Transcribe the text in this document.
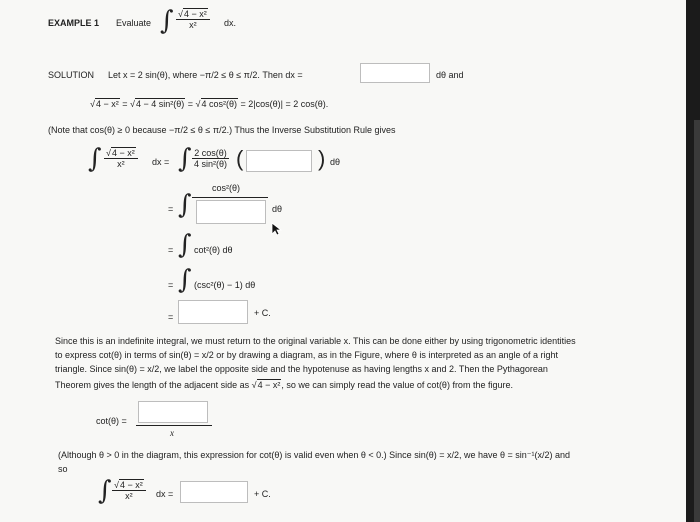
EXAMPLE 1 Evaluate ∫ $\frac{\text{√4 − x²}}{\text{x²}}$ dx.
SOLUTION Let x = 2 sin(θ), where −π/2 ≤ θ ≤ π/2. Then dx =	dθ and
√4 − x² = √4 − 4 sin²(θ) = √4 cos²(θ) = 2|cos(θ)| = 2 cos(θ).
(Note that cos(θ) ≥ 0 because −π/2 ≤ θ ≤ π/2.) Thus the Inverse Substitution Rule gives
∫ $\frac{\text{√4 − x²}}{\text{x²}}$ dx = ∫ $\frac{2 \cos(\theta)}{\text{4 sin²(θ)}}$ (	) dθ
= ∫
cos²(θ)
dθ
= ∫ cot²(θ) dθ
= ∫ (csc²(θ) − 1) dθ
=	+ C.
Since this is an indefinite integral, we must return to the original variable x. This can be done either by using trigonometric identities
to express cot(θ) in terms of sin(θ) = x/2 or by drawing a diagram, as in the Figure, where θ is interpreted as an angle of a right
triangle. Since sin(θ) = x/2, we label the opposite side and the hypotenuse as having lengths x and 2. Then the Pythagorean
Theorem gives the length of the adjacent side as √4 − x², so we can simply read the value of cot(θ) from the figure.
cot(θ) =
x
(Although θ > 0 in the diagram, this expression for cot(θ) is valid even when θ < 0.) Since sin(θ) = x/2, we have θ = sin⁻¹(x/2) and
so
∫ $\frac{\text{√4 − x²}}{\text{x²}}$ dx =	+ C.
